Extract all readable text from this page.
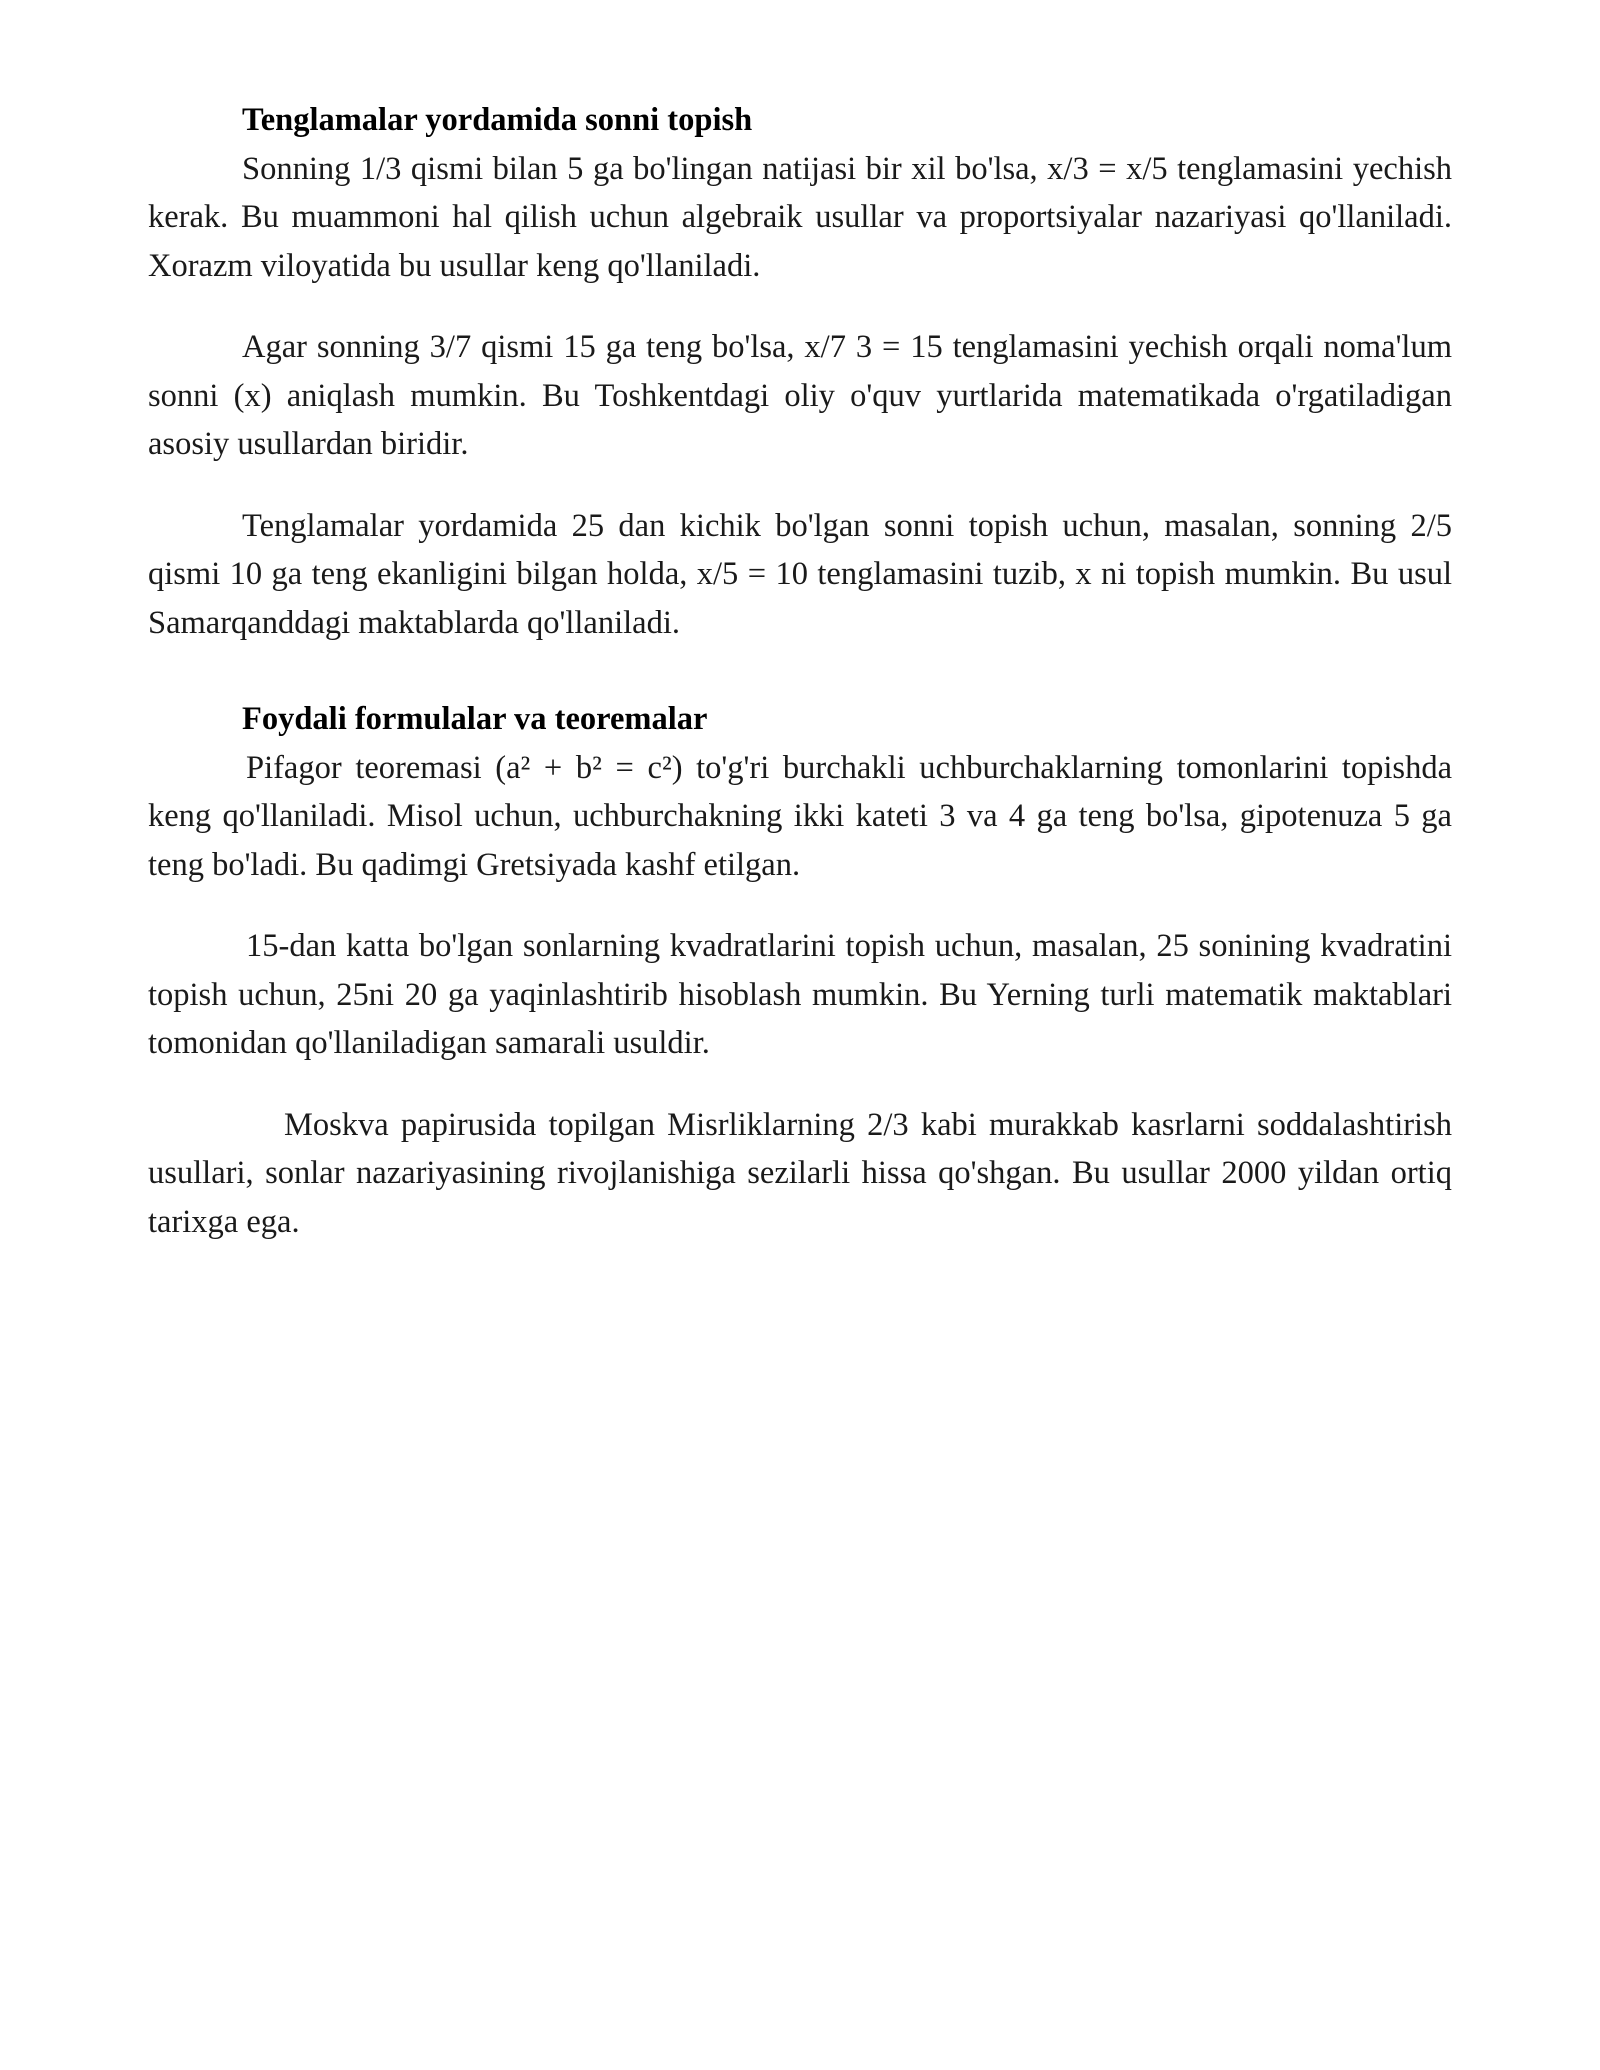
Tenglamalar yordamida sonni topish

Sonning 1/3 qismi bilan 5 ga bo'lingan natijasi bir xil bo'lsa, x/3 = x/5 tenglamasini yechish kerak. Bu muammoni hal qilish uchun algebraik usullar va proportsiyalar nazariyasi qo'llaniladi. Xorazm viloyatida bu usullar keng qo'llaniladi.

Agar sonning 3/7 qismi 15 ga teng bo'lsa, x/7 3 = 15 tenglamasini yechish orqali noma'lum sonni (x) aniqlash mumkin. Bu Toshkentdagi oliy o'quv yurtlarida matematikada o'rgatiladigan asosiy usullardan biridir.

Tenglamalar yordamida 25 dan kichik bo'lgan sonni topish uchun, masalan, sonning 2/5 qismi 10 ga teng ekanligini bilgan holda, x/5 = 10 tenglamasini tuzib, x ni topish mumkin. Bu usul Samarqanddagi maktablarda qo'llaniladi.

Foydali formulalar va teoremalar

Pifagor teoremasi (a² + b² = c²) to'g'ri burchakli uchburchaklarning tomonlarini topishda keng qo'llaniladi. Misol uchun, uchburchakning ikki kateti 3 va 4 ga teng bo'lsa, gipotenuza 5 ga teng bo'ladi. Bu qadimgi Gretsiyada kashf etilgan.

15-dan katta bo'lgan sonlarning kvadratlarini topish uchun, masalan, 25 sonining kvadratini topish uchun, 25ni 20 ga yaqinlashtirib hisoblash mumkin. Bu Yerning turli matematik maktablari tomonidan qo'llaniladigan samarali usuldir.

Moskva papirusida topilgan Misrliklarning 2/3 kabi murakkab kasrlarni soddalashtirish usullari, sonlar nazariyasining rivojlanishiga sezilarli hissa qo'shgan. Bu usullar 2000 yildan ortiq tarixga ega.
